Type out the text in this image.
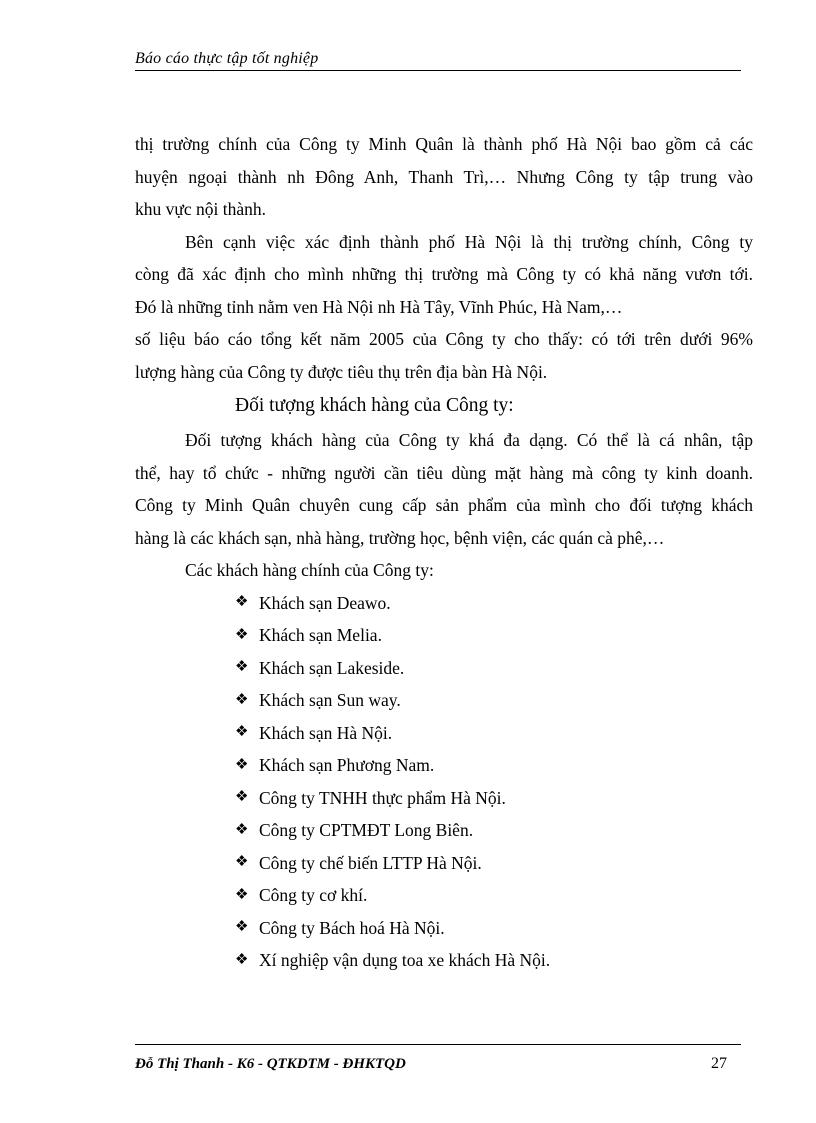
Báo cáo thực tập tốt nghiệp

thị trường chính của Công ty Minh Quân là thành phố Hà Nội bao gồm cả các
huyện ngoại thành nh Đông Anh, Thanh Trì,… Nhưng Công ty tập trung vào
khu vực nội thành.

Bên cạnh việc xác định thành phố Hà Nội là thị trường chính, Công ty
còng đã xác định cho mình những thị trường mà Công ty có khả năng vươn tới.
Đó là những tỉnh nằm ven Hà Nội nh Hà Tây, Vĩnh Phúc, Hà Nam,…
số liệu báo cáo tổng kết năm 2005 của Công ty cho thấy: có tới trên dưới 96%
lượng hàng của Công ty được tiêu thụ trên địa bàn Hà Nội.

Đối tượng khách hàng của Công ty:

Đối tượng khách hàng của Công ty khá đa dạng. Có thể là cá nhân, tập
thể, hay tổ chức - những người cần tiêu dùng mặt hàng mà công ty kinh doanh.
Công ty Minh Quân chuyên cung cấp sản phẩm của mình cho đối tượng khách
hàng là các khách sạn, nhà hàng, trường học, bệnh viện, các quán cà phê,…

Các khách hàng chính của Công ty:

❖ Khách sạn Deawo.
❖ Khách sạn Melia.
❖ Khách sạn Lakeside.
❖ Khách sạn Sun way.
❖ Khách sạn Hà Nội.
❖ Khách sạn Phương Nam.
❖ Công ty TNHH thực phẩm Hà Nội.
❖ Công ty CPTMĐT Long Biên.
❖ Công ty chế biến LTTP Hà Nội.
❖ Công ty cơ khí.
❖ Công ty Bách hoá Hà Nội.
❖ Xí nghiệp vận dụng toa xe khách Hà Nội.
Đỗ Thị Thanh - K6 - QTKDTM - ĐHKTQD	27
